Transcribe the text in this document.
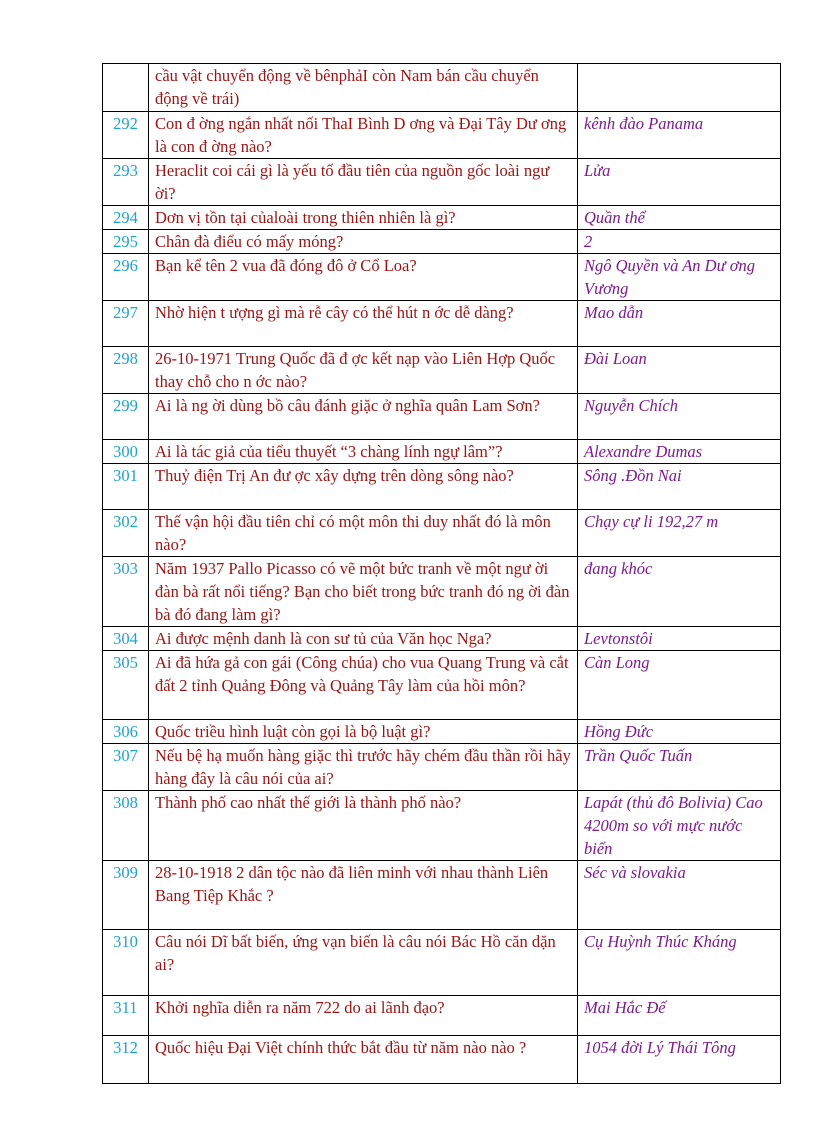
	cầu vật chuyển động về bênphảI còn Nam bán cầu chuyển động về trái)	
292	Con đ ờng ngắn nhất nối ThaI Bình D ơng và Đại Tây Dư ơng là con đ ờng nào?	kênh đào Panama
293	Heraclit coi cái gì là yếu tố đầu tiên của nguồn gốc loài ngư ời?	Lửa
294	Dơn vị tồn tại củaloài trong thiên nhiên là gì?	Quần thể
295	Chân đà điểu có mấy móng?	2
296	Bạn kể tên 2 vua đã đóng đô ở Cổ Loa?	Ngô Quyền và An Dư ơng Vương
297	Nhờ hiện t ượng gì mà rễ cây có thể hút n ớc dễ dàng?	Mao dẫn
298	26-10-1971 Trung Quốc đã đ ợc kết nạp vào Liên Hợp Quốc thay chỗ cho n ớc nào?	Đài Loan
299	Ai là ng ời dùng bồ câu đánh giặc ở nghĩa quân Lam Sơn?	Nguyễn Chích
300	Ai là tác giả của tiểu thuyết “3 chàng lính ngự lâm”?	Alexandre Dumas
301	Thuỷ điện Trị An đư ợc xây dựng trên dòng sông nào?	Sông .Đồn Nai
302	Thế vận hội đầu tiên chỉ có một môn thi duy nhất đó là môn nào?	Chạy cự li 192,27 m
303	Năm 1937 Pallo Picasso có vẽ một bức tranh về một ngư ời đàn bà rất nổi tiếng? Bạn cho biết trong bức tranh đó ng ời đàn bà đó đang làm gì?	đang khóc
304	Ai được mệnh danh là con sư tủ của Văn học Nga?	Levtonstôi
305	Ai đã hứa gả con gái (Công chúa) cho vua Quang Trung và cắt đất 2 tỉnh Quảng Đông và Quảng Tây làm của hồi môn?	Càn Long
306	Quốc triều hình luật còn gọi là bộ luật gì?	Hồng Đức
307	Nếu bệ hạ muốn hàng giặc thì trước hãy chém đầu thần rồi hãy hàng đây là câu nói của ai?	Trần Quốc Tuấn
308	Thành phố cao nhất thế giới là thành phố nào?	Lapát (thủ đô Bolivia) Cao 4200m so với mực nước biển
309	28-10-1918 2 dân tộc nào đã liên minh với nhau thành Liên Bang Tiệp Khắc ?	Séc và slovakia
310	Câu nói Dĩ bất biến, ứng vạn biến là câu nói Bác Hồ căn dặn ai?	Cụ Huỳnh Thúc Kháng
311	Khởi nghĩa diễn ra năm 722 do ai lãnh đạo?	Mai Hắc Đế
312	Quốc hiệu Đại Việt chính thức bắt đầu từ năm nào nào ?	1054 đời Lý Thái Tông
